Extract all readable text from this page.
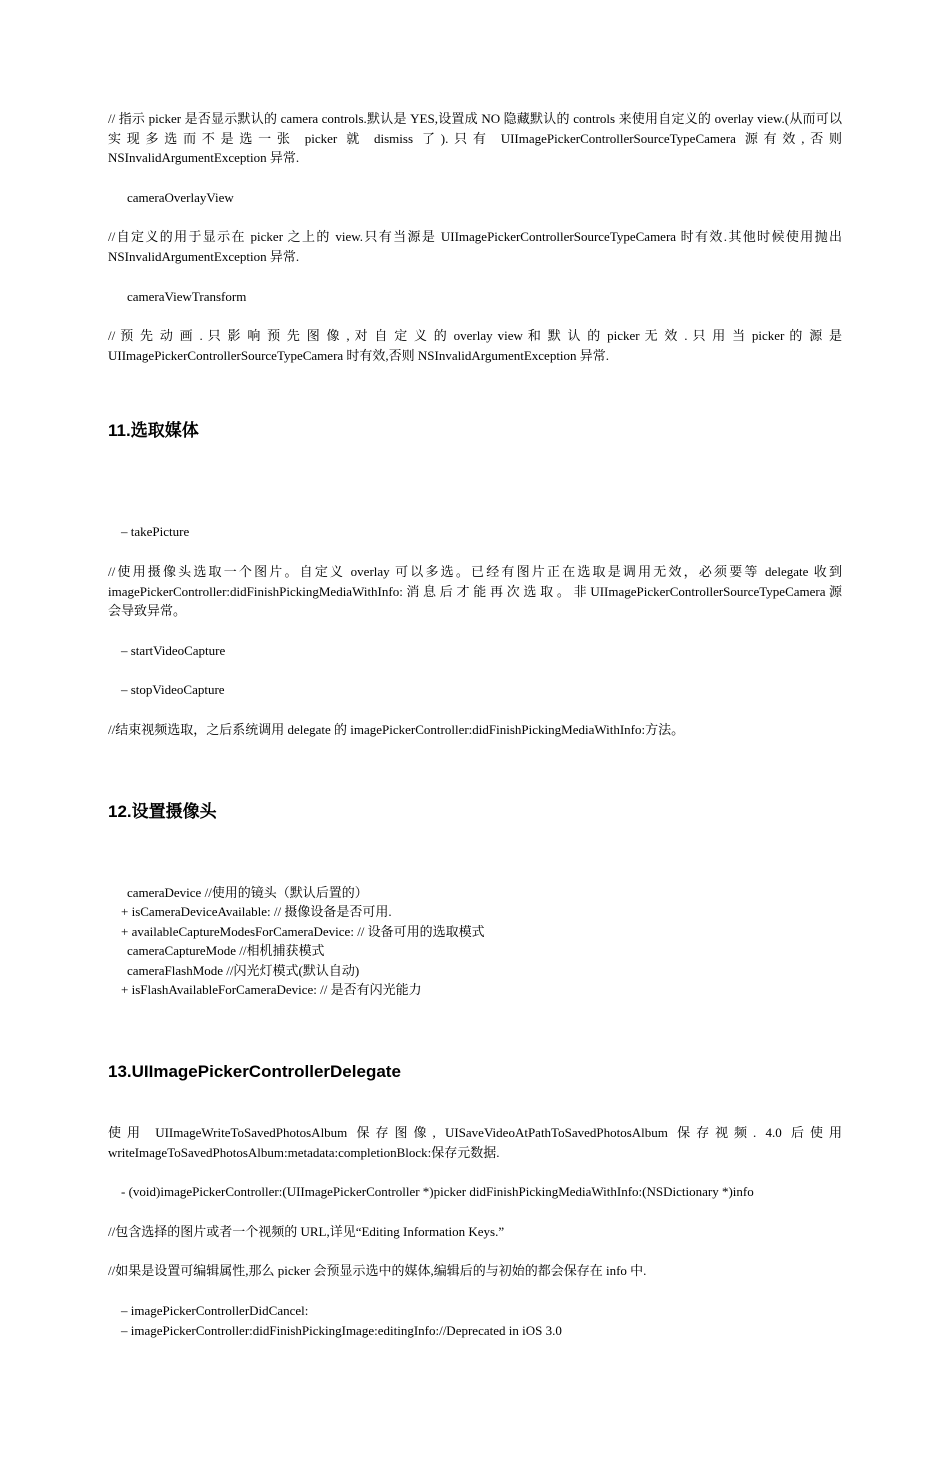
// 指示 picker 是否显示默认的 camera controls.默认是 YES,设置成 NO 隐藏默认的 controls 来使用自定义的 overlay view.(从而可以实现多选而不是选一张 picker 就 dismiss 了).只有 UIImagePickerControllerSourceTypeCamera 源有效,否则 NSInvalidArgumentException 异常.

cameraOverlayView

//自定义的用于显示在 picker 之上的 view.只有当源是 UIImagePickerControllerSourceTypeCamera 时有效.其他时候使用抛出 NSInvalidArgumentException 异常.

cameraViewTransform

// 预 先 动 画 . 只 影 响 预 先 图 像 , 对 自 定 义 的 overlay view 和 默 认 的 picker 无 效 . 只 用 当 picker 的 源 是 UIImagePickerControllerSourceTypeCamera 时有效,否则 NSInvalidArgumentException 异常.

11.选取媒体

– takePicture

//使用摄像头选取一个图片。自定义 overlay 可以多选。已经有图片正在选取是调用无效，必须要等 delegate 收到 imagePickerController:didFinishPickingMediaWithInfo: 消 息 后 才 能 再 次 选 取 。 非 UIImagePickerControllerSourceTypeCamera 源会导致异常。

– startVideoCapture

– stopVideoCapture

//结束视频选取，之后系统调用 delegate 的 imagePickerController:didFinishPickingMediaWithInfo:方法。

12.设置摄像头

cameraDevice //使用的镜头（默认后置的）

+ isCameraDeviceAvailable: // 摄像设备是否可用.

+ availableCaptureModesForCameraDevice: // 设备可用的选取模式

cameraCaptureMode //相机捕获模式

cameraFlashMode //闪光灯模式(默认自动)

+ isFlashAvailableForCameraDevice: // 是否有闪光能力

13.UIImagePickerControllerDelegate

使用 UIImageWriteToSavedPhotosAlbum 保存图像, UISaveVideoAtPathToSavedPhotosAlbum 保存视频. 4.0 后使用 writeImageToSavedPhotosAlbum:metadata:completionBlock:保存元数据.

- (void)imagePickerController:(UIImagePickerController *)picker didFinishPickingMediaWithInfo:(NSDictionary *)info

//包含选择的图片或者一个视频的 URL,详见“Editing Information Keys.”

//如果是设置可编辑属性,那么 picker 会预显示选中的媒体,编辑后的与初始的都会保存在 info 中.

– imagePickerControllerDidCancel:

– imagePickerController:didFinishPickingImage:editingInfo://Deprecated in iOS 3.0
